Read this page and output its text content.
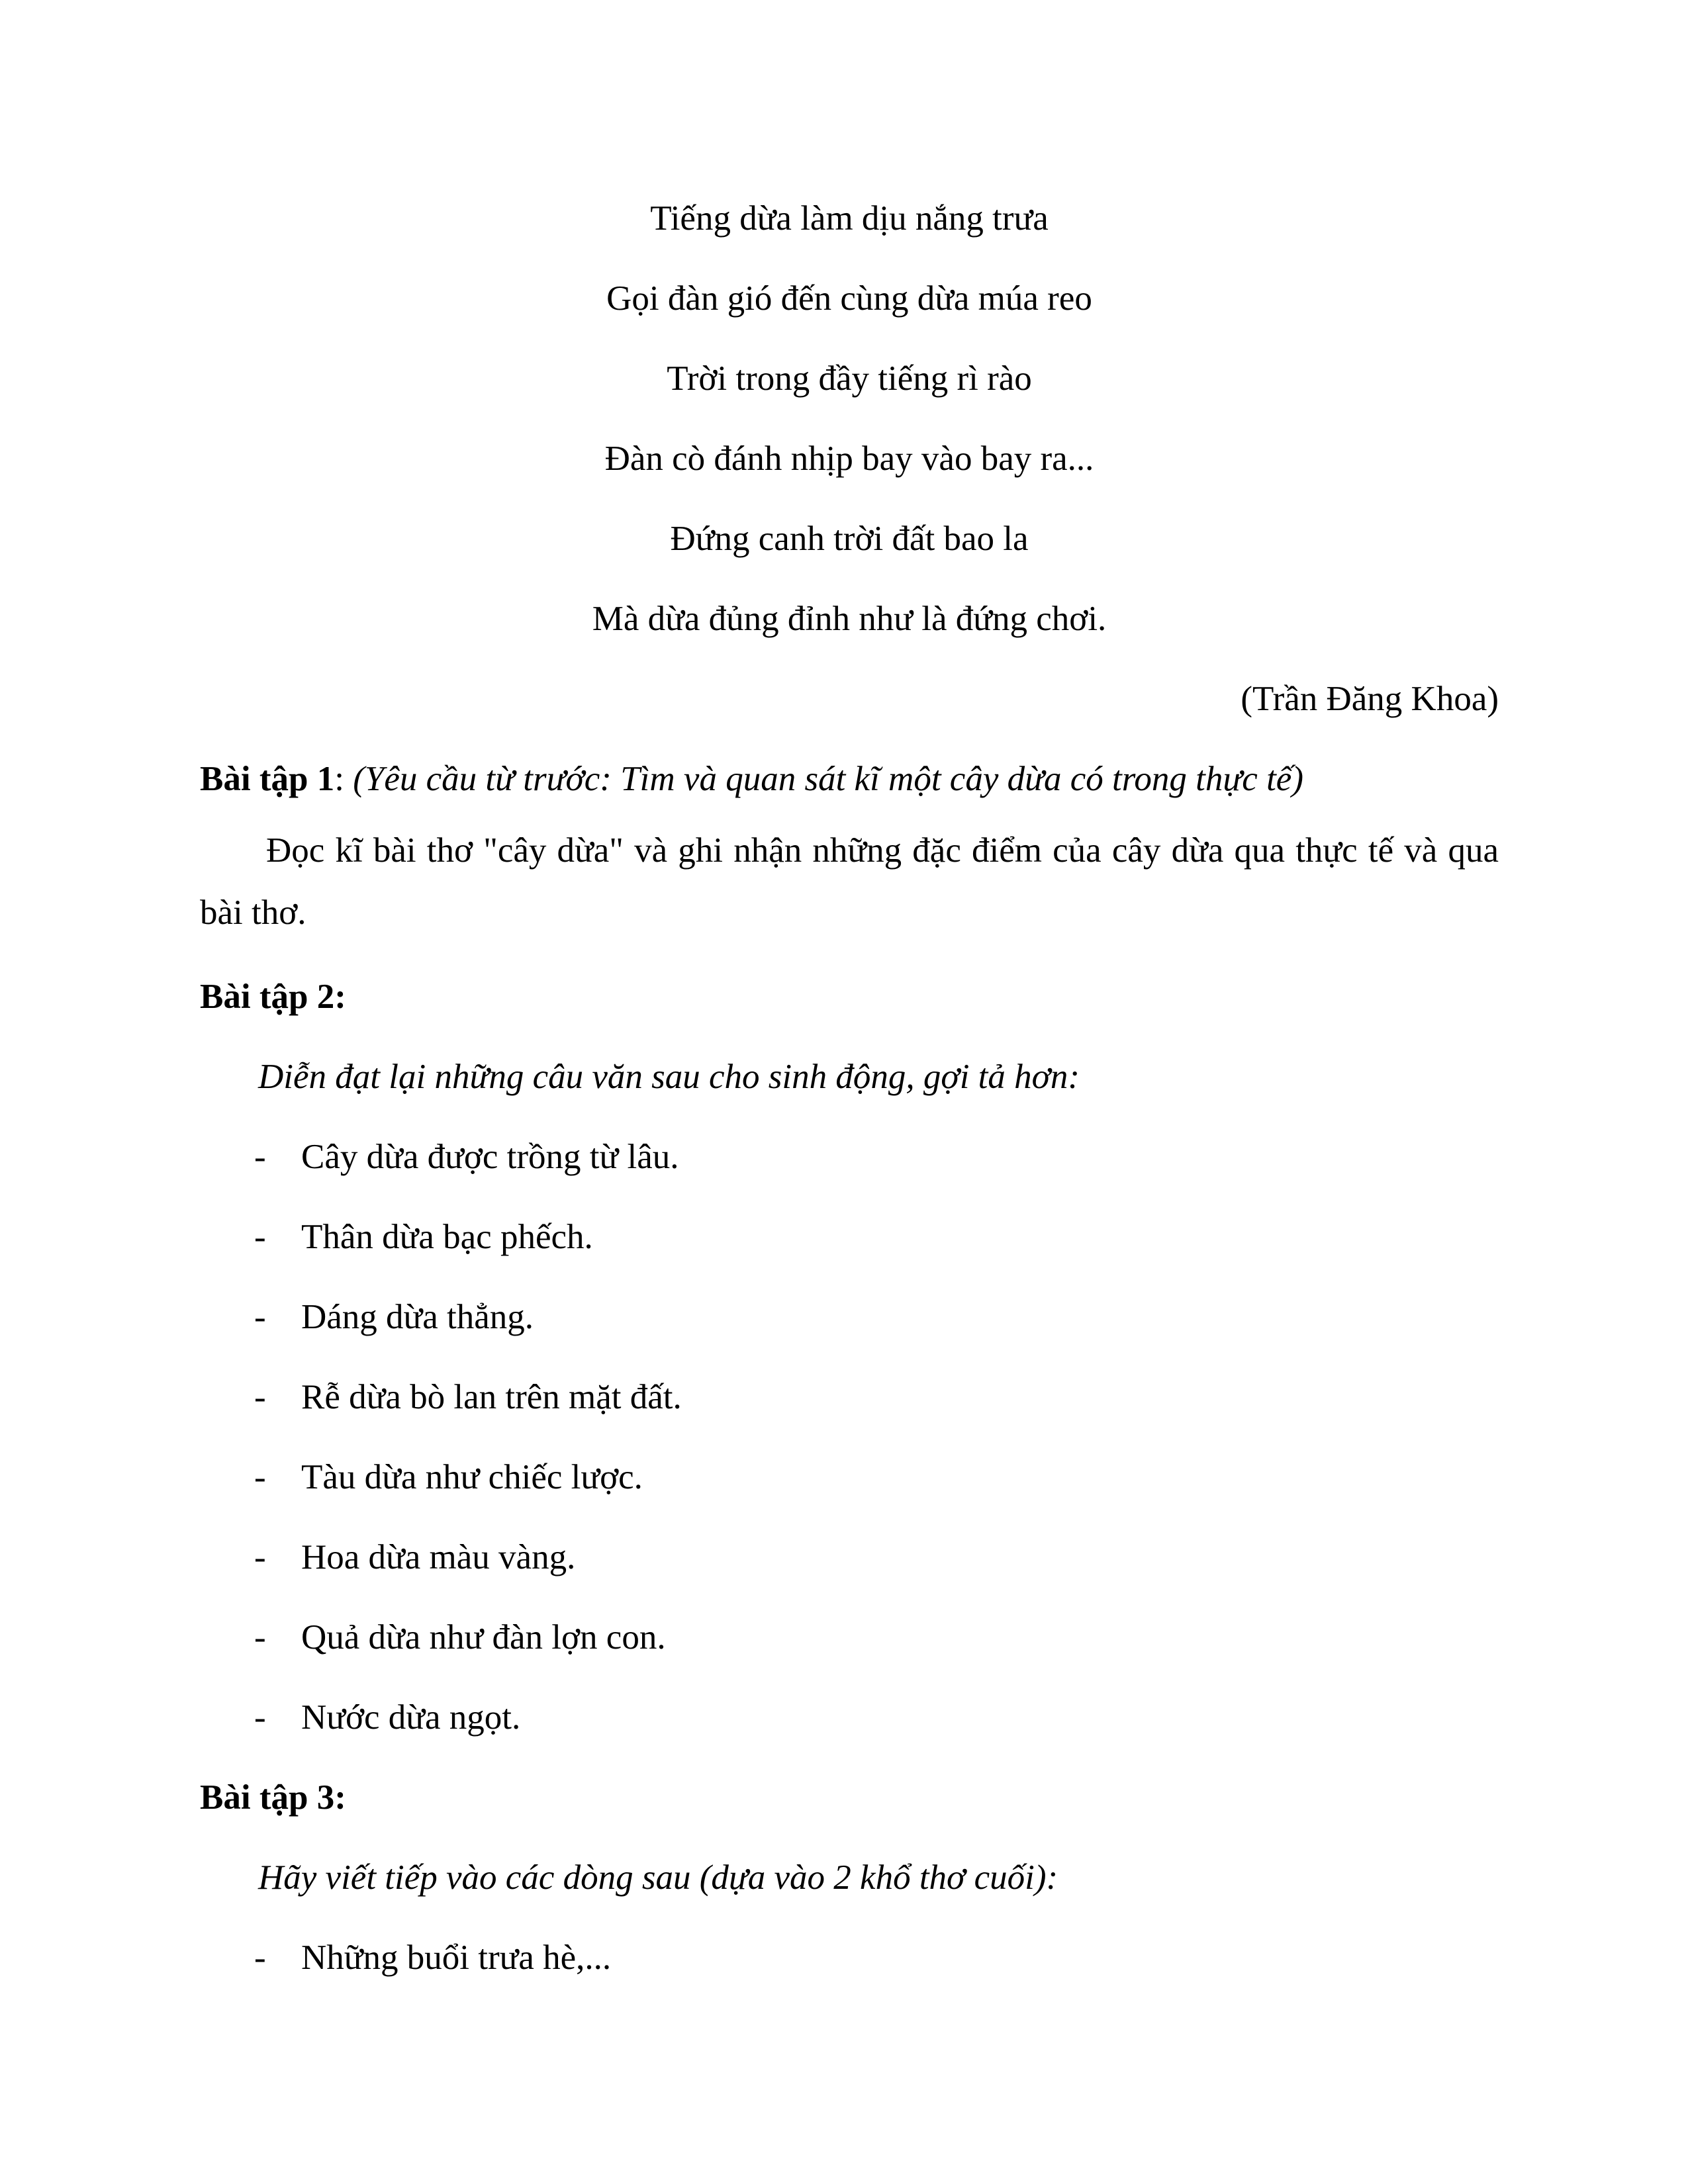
Tiếng dừa làm dịu nắng trưa

Gọi đàn gió đến cùng dừa múa reo

Trời trong đầy tiếng rì rào

Đàn cò đánh nhịp bay vào bay ra...

Đứng canh trời đất bao la

Mà dừa đủng đỉnh như là đứng chơi.

(Trần Đăng Khoa)

Bài tập 1: (Yêu cầu từ trước: Tìm và quan sát kĩ một cây dừa có trong thực tế)

Đọc kĩ bài thơ "cây dừa" và ghi nhận những đặc điểm của cây dừa qua thực tế và qua bài thơ.

Bài tập 2:

Diễn đạt lại những câu văn sau cho sinh động, gợi tả hơn:

- Cây dừa được trồng từ lâu.
- Thân dừa bạc phếch.
- Dáng dừa thẳng.
- Rễ dừa bò lan trên mặt đất.
- Tàu dừa như chiếc lược.
- Hoa dừa màu vàng.
- Quả dừa như đàn lợn con.
- Nước dừa ngọt.

Bài tập 3:

Hãy viết tiếp vào các dòng sau (dựa vào 2 khổ thơ cuối):

- Những buổi trưa hè,...
